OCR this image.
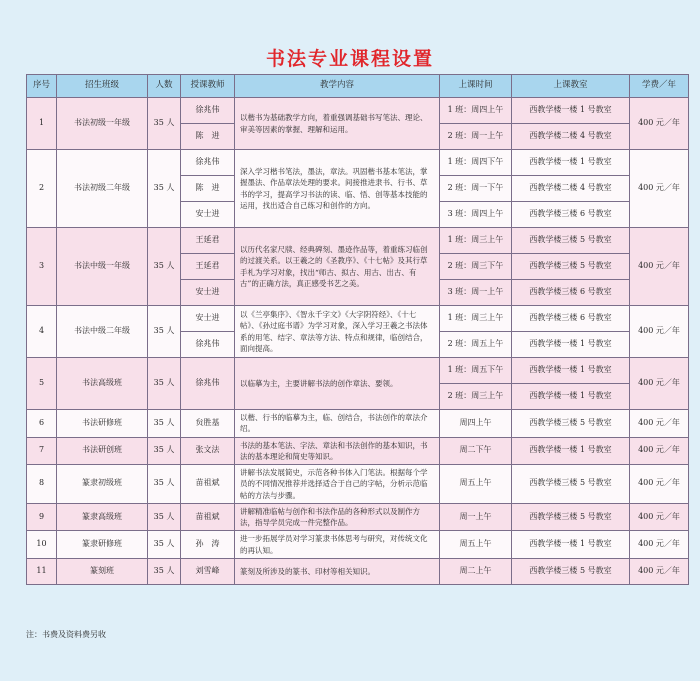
书法专业课程设置
序号	招生班级	人数	授课教师	教学内容	上课时间	上课教室	学费／年
1	书法初级一年级	35 人	徐兆伟	以楷书为基础教学方向，着重强调基础书写笔法、理论、审美等因素的掌握、理解和运用。	1 班：周四上午	西教学楼一楼 1 号教室	400 元／年
			陈　进		2 班：周一上午	西教学楼二楼 4 号教室	
2	书法初级二年级	35 人	徐兆伟	深入学习楷书笔法，墨法，章法。巩固楷书基本笔法，掌握墨法、作品章法处理的要求。间接推进隶书、行书、草书的学习，提高学习书法的读、临、悟、创等基本技能的运用，找出适合自己练习和创作的方向。	1 班：周四下午	西教学楼一楼 1 号教室	400 元／年
			陈　进		2 班：周一下午	西教学楼二楼 4 号教室	
			安士进		3 班：周四上午	西教学楼三楼 6 号教室	
3	书法中级一年级	35 人	王延君	以历代名家尺牍、经典碑刻、墨迹作品等，着重练习临创的过渡关系。以王羲之的《圣教序》、《十七帖》及其行草手札为学习对象，找出“师古、拟古、用古、出古、有古”的正确方法，真正感受书艺之美。	1 班：周三上午	西教学楼三楼 5 号教室	400 元／年
			王延君		2 班：周三下午	西教学楼三楼 5 号教室	
			安士进		3 班：周一上午	西教学楼三楼 6 号教室	
4	书法中级二年级	35 人	安士进	以《兰亭集序》、《智永千字文》《大字阴符经》、《十七帖》、《孙过庭书谱》为学习对象，深入学习王羲之书法体系的用笔、结字、章法等方法、特点和规律，临创结合，面向提高。	1 班：周三上午	西教学楼三楼 6 号教室	400 元／年
			徐兆伟		2 班：周五上午	西教学楼一楼 1 号教室	
5	书法高级班	35 人	徐兆伟	以临摹为主，主要讲解书法的创作章法、要领。	1 班：周五下午	西教学楼一楼 1 号教室	400 元／年
					2 班：周三上午	西教学楼一楼 1 号教室	
6	书法研修班	35 人	贠胜基	以楷、行书的临摹为主，临、创结合，书法创作的章法介绍。	周四上午	西教学楼三楼 5 号教室	400 元／年
7	书法研创班	35 人	张文法	书法的基本笔法、字法、章法和书法创作的基本知识，书法的基本理论和简史等知识。	周二下午	西教学楼一楼 1 号教室	400 元／年
8	篆隶初级班	35 人	苗祖斌	讲解书法发展简史，示范各种书体入门笔法。根据每个学员的不同情况推荐并选择适合于自己的字帖，分析示范临帖的方法与步骤。	周五上午	西教学楼三楼 5 号教室	400 元／年
9	篆隶高级班	35 人	苗祖斌	讲解精准临帖与创作和书法作品的各种形式以及制作方法，指导学员完成一件完整作品。	周一上午	西教学楼三楼 5 号教室	400 元／年
10	篆隶研修班	35 人	孙　涛	进一步拓展学员对学习篆隶书体思考与研究，对传统文化的再认知。	周五上午	西教学楼一楼 1 号教室	400 元／年
11	篆刻班	35 人	刘雪峰	篆刻及所涉及的篆书、印材等相关知识。	周二上午	西教学楼三楼 5 号教室	400 元／年
注：书费及资料费另收
